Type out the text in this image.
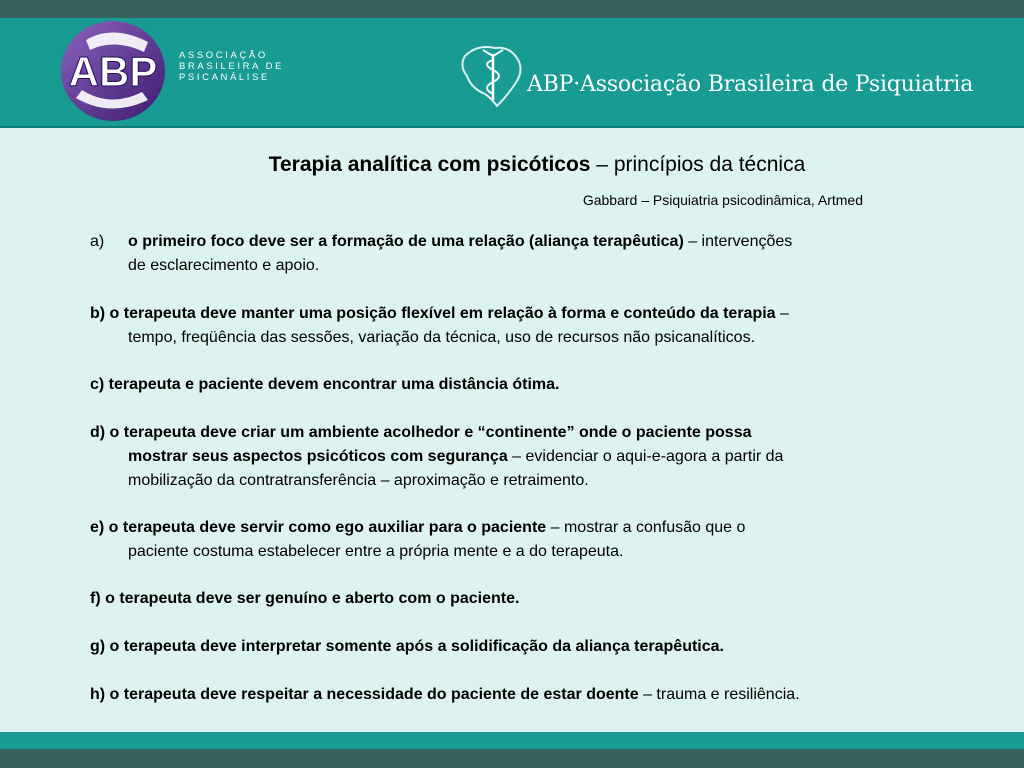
ABP ASSOCIAÇÃO
BRASILEIRA DE
PSICANÁLISE	ABP·Associação Brasileira de Psiquiatria
Terapia analítica com psicóticos – princípios da técnica
Gabbard – Psiquiatria psicodinâmica, Artmed
a) o primeiro foco deve ser a formação de uma relação (aliança terapêutica) – intervenções
de esclarecimento e apoio.
b) o terapeuta deve manter uma posição flexível em relação à forma e conteúdo da terapia –
tempo, freqüência das sessões, variação da técnica, uso de recursos não psicanalíticos.
c) terapeuta e paciente devem encontrar uma distância ótima.
d) o terapeuta deve criar um ambiente acolhedor e “continente” onde o paciente possa
mostrar seus aspectos psicóticos com segurança – evidenciar o aqui-e-agora a partir da
mobilização da contratransferência – aproximação e retraimento.
e) o terapeuta deve servir como ego auxiliar para o paciente – mostrar a confusão que o
paciente costuma estabelecer entre a própria mente e a do terapeuta.
f) o terapeuta deve ser genuíno e aberto com o paciente.
g) o terapeuta deve interpretar somente após a solidificação da aliança terapêutica.
h) o terapeuta deve respeitar a necessidade do paciente de estar doente – trauma e resiliência.
